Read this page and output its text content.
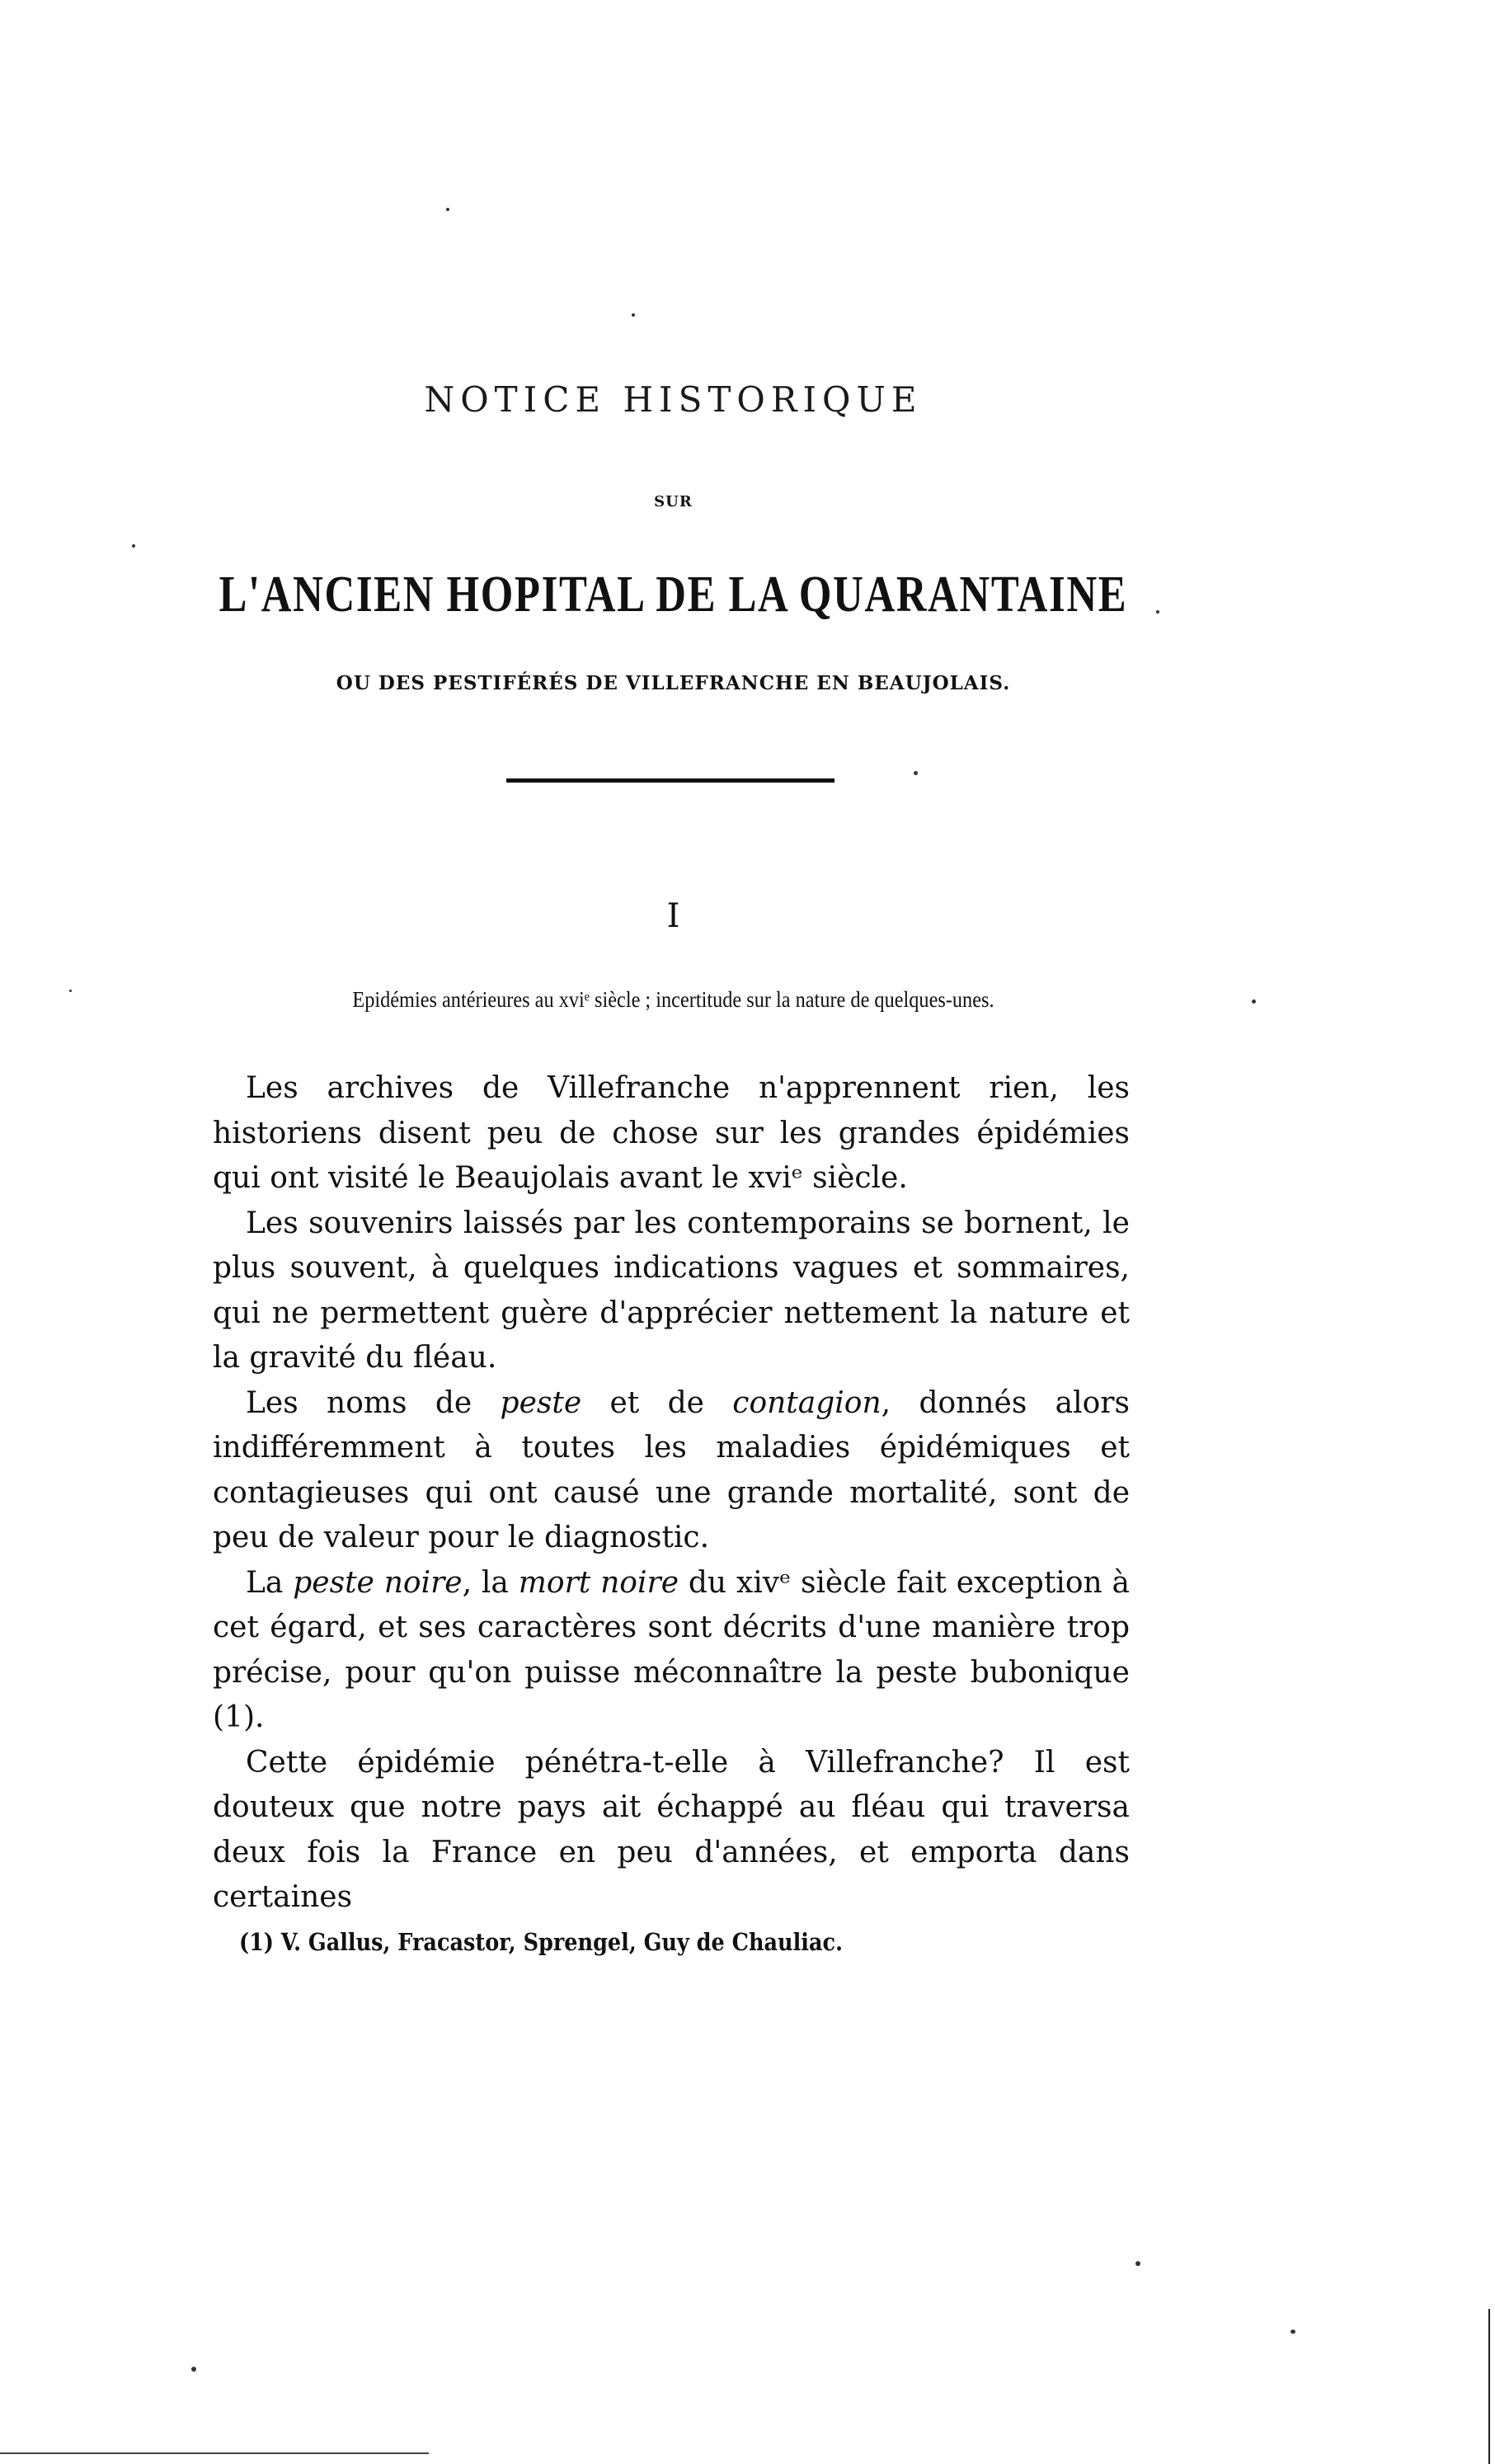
NOTICE HISTORIQUE
SUR
L'ANCIEN HOPITAL DE LA QUARANTAINE
OU DES PESTIFÉRÉS DE VILLEFRANCHE EN BEAUJOLAIS.
I
Epidémies antérieures au xviᵉ siècle ; incertitude sur la nature de quelques-unes.

Les archives de Villefranche n'apprennent rien, les historiens disent peu de chose sur les grandes épidémies qui ont visité le Beaujolais avant le xviᵉ siècle.

Les souvenirs laissés par les contemporains se bornent, le plus souvent, à quelques indications vagues et sommaires, qui ne permettent guère d'apprécier nettement la nature et la gravité du fléau.

Les noms de peste et de contagion, donnés alors indifféremment à toutes les maladies épidémiques et contagieuses qui ont causé une grande mortalité, sont de peu de valeur pour le diagnostic.

La peste noire, la mort noire du xivᵉ siècle fait exception à cet égard, et ses caractères sont décrits d'une manière trop précise, pour qu'on puisse méconnaître la peste bubonique (1).

Cette épidémie pénétra-t-elle à Villefranche? Il est douteux que notre pays ait échappé au fléau qui traversa deux fois la France en peu d'années, et emporta dans certaines

(1) V. Gallus, Fracastor, Sprengel, Guy de Chauliac.
